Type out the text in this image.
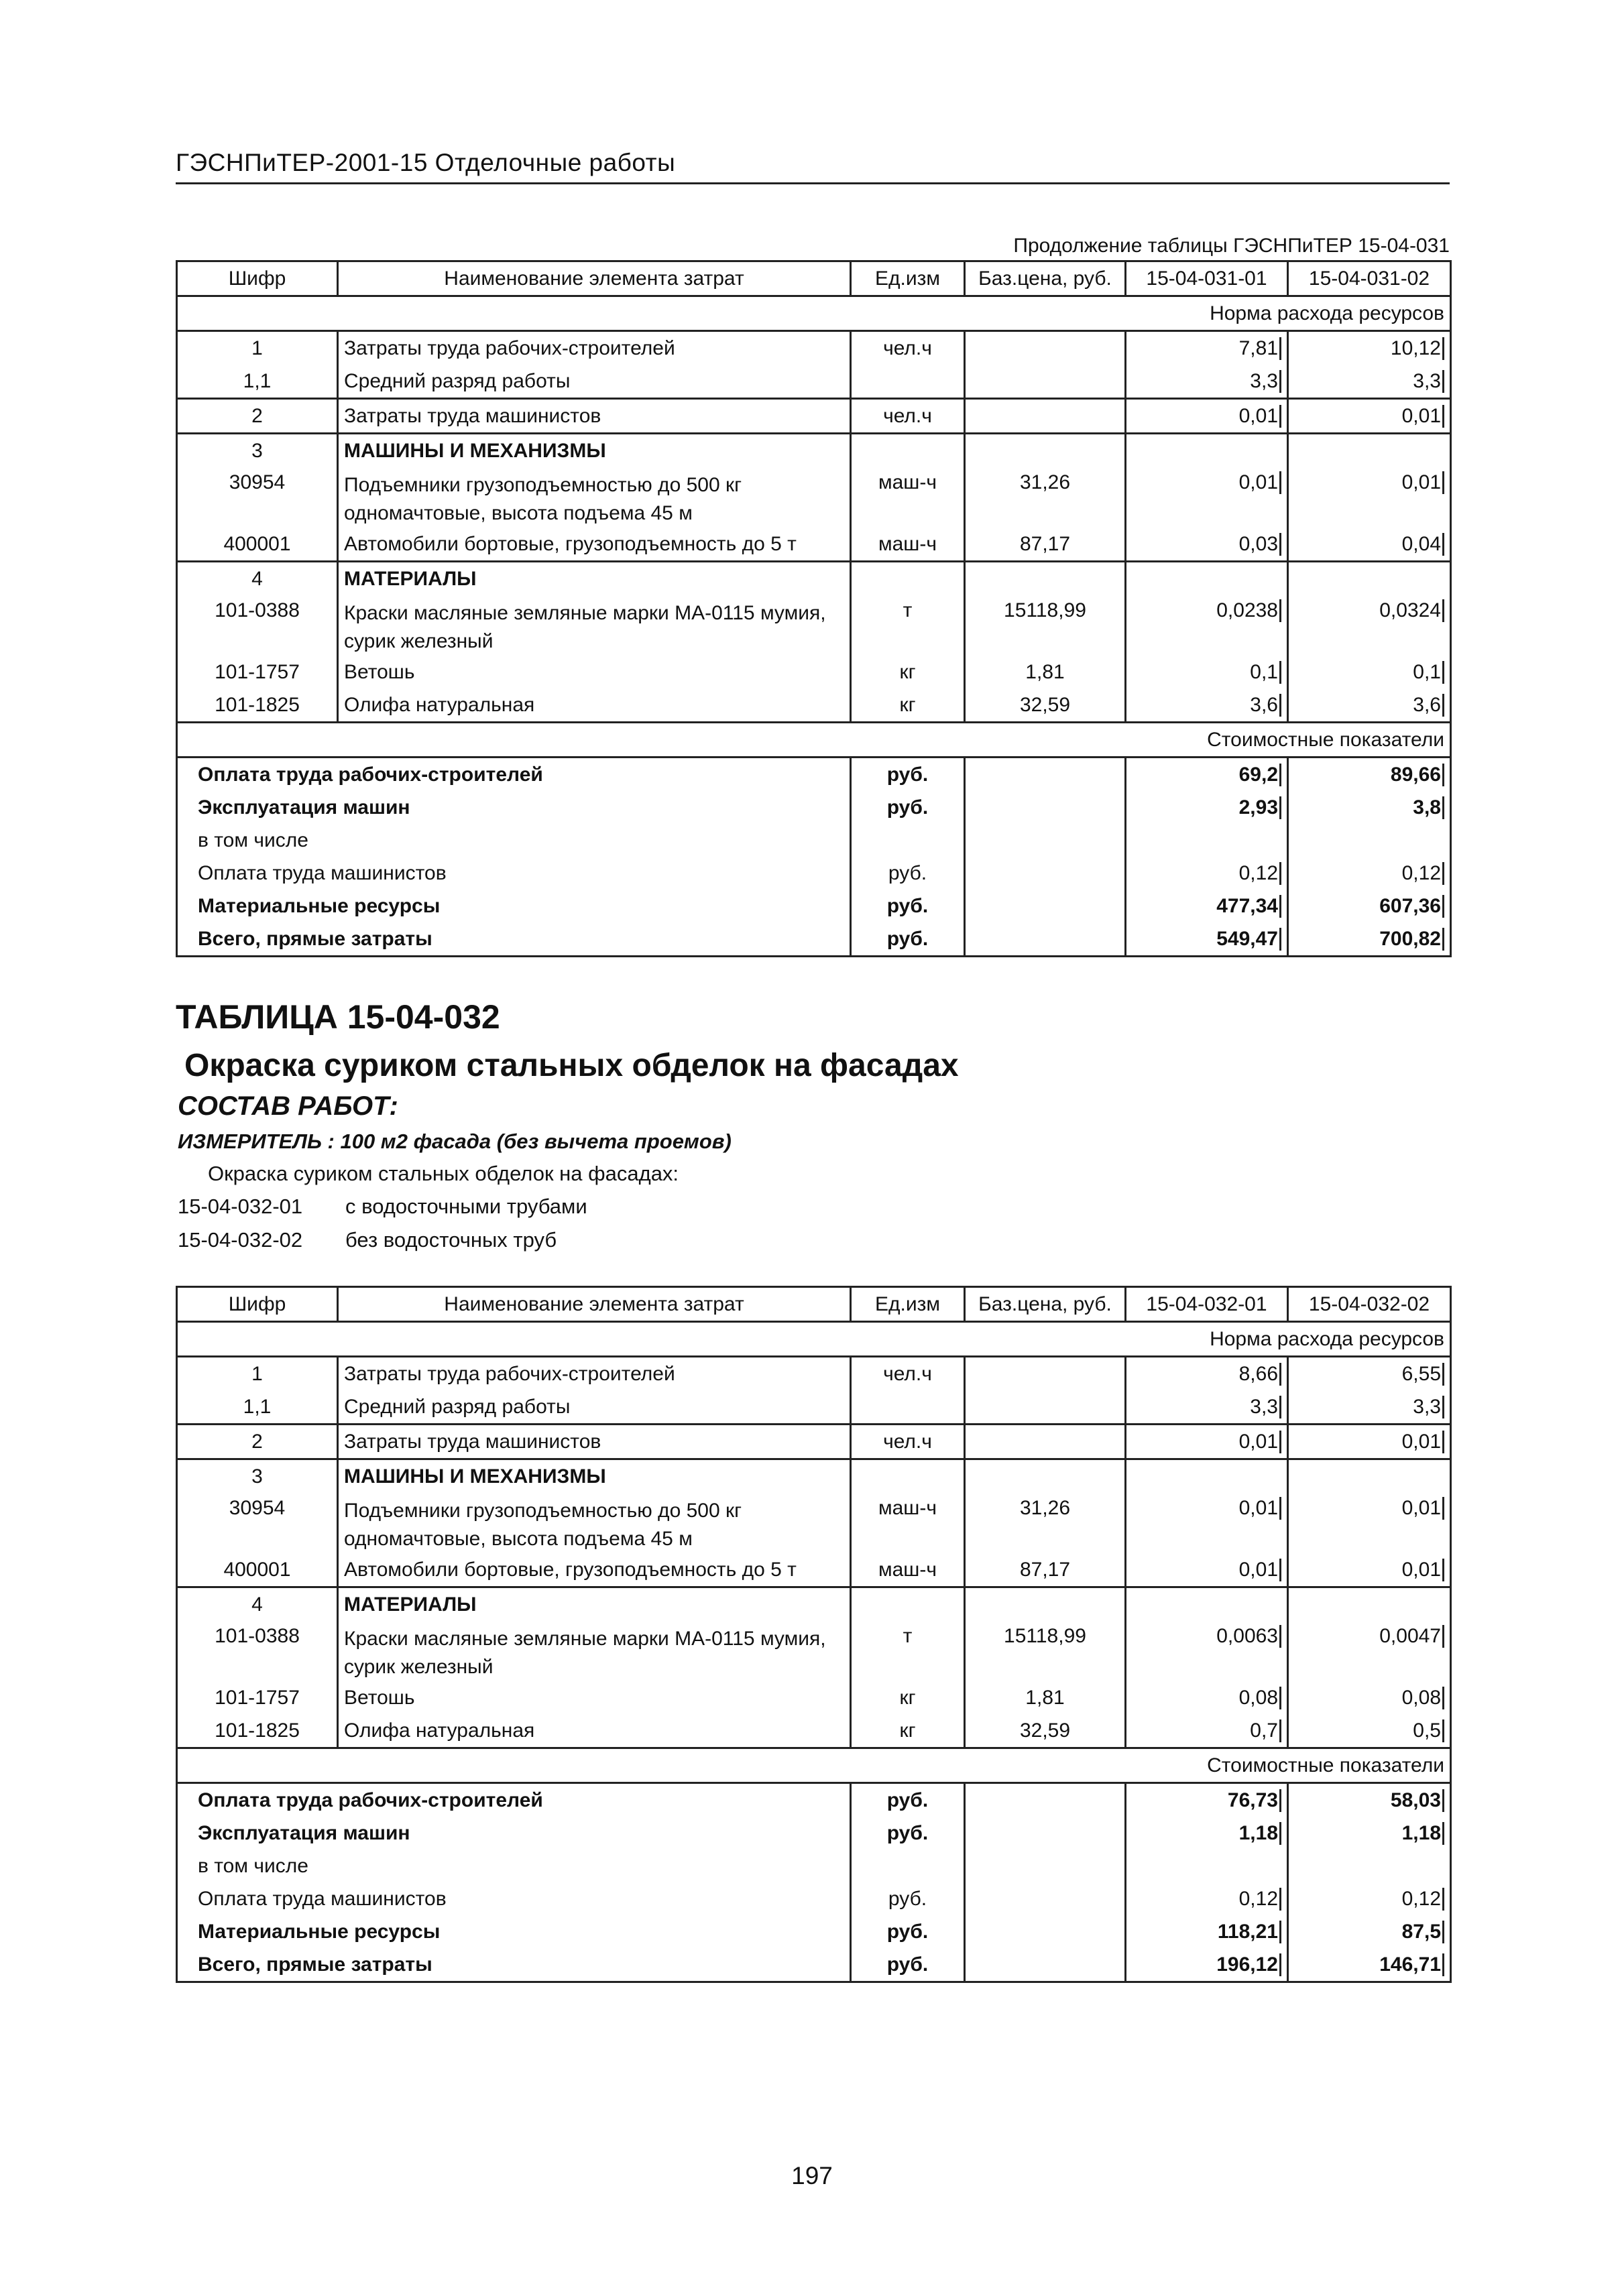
ГЭСНПиТЕР-2001-15 Отделочные работы
Продолжение таблицы ГЭСНПиТЕР 15-04-031
Шифр	Наименование элемента затрат	Ед.изм	Баз.цена, руб.	15-04-031-01	15-04-031-02

Норма расхода ресурсов					

1	Затраты труда рабочих-строителей	чел.ч		7,81	10,12
1,1	Средний разряд работы			3,3	3,3
2	Затраты труда машинистов	чел.ч		0,01	0,01
3	МАШИНЫ И МЕХАНИЗМЫ				
30954	Подъемники грузоподъемностью до 500 кг одномачтовые, высота подъема 45 м	маш-ч	31,26	0,01	0,01
400001	Автомобили бортовые, грузоподъемность до 5 т	маш-ч	87,17	0,03	0,04
4	МАТЕРИАЛЫ				
101-0388	Краски масляные земляные марки МА-0115 мумия, сурик железный	т	15118,99	0,0238	0,0324
101-1757	Ветошь	кг	1,81	0,1	0,1
101-1825	Олифа натуральная	кг	32,59	3,6	3,6

Стоимостные показатели					

Оплата труда рабочих-строителей		руб.		69,2	89,66
Эксплуатация машин		руб.		2,93	3,8
в том числе					
Оплата труда машинистов		руб.		0,12	0,12
Материальные ресурсы		руб.		477,34	607,36
Всего, прямые затраты		руб.		549,47	700,82
ТАБЛИЦА 15-04-032
Окраска суриком стальных обделок на фасадах
СОСТАВ РАБОТ:
ИЗМЕРИТЕЛЬ : 100 м2 фасада (без вычета проемов)
Окраска суриком стальных обделок на фасадах:
15-04-032-01 с водосточными трубами
15-04-032-02 без водосточных труб
Шифр	Наименование элемента затрат	Ед.изм	Баз.цена, руб.	15-04-032-01	15-04-032-02

Норма расхода ресурсов					

1	Затраты труда рабочих-строителей	чел.ч		8,66	6,55
1,1	Средний разряд работы			3,3	3,3
2	Затраты труда машинистов	чел.ч		0,01	0,01
3	МАШИНЫ И МЕХАНИЗМЫ				
30954	Подъемники грузоподъемностью до 500 кг одномачтовые, высота подъема 45 м	маш-ч	31,26	0,01	0,01
400001	Автомобили бортовые, грузоподъемность до 5 т	маш-ч	87,17	0,01	0,01
4	МАТЕРИАЛЫ				
101-0388	Краски масляные земляные марки МА-0115 мумия, сурик железный	т	15118,99	0,0063	0,0047
101-1757	Ветошь	кг	1,81	0,08	0,08
101-1825	Олифа натуральная	кг	32,59	0,7	0,5

Стоимостные показатели					

Оплата труда рабочих-строителей		руб.		76,73	58,03
Эксплуатация машин		руб.		1,18	1,18
в том числе					
Оплата труда машинистов		руб.		0,12	0,12
Материальные ресурсы		руб.		118,21	87,5
Всего, прямые затраты		руб.		196,12	146,71
197
